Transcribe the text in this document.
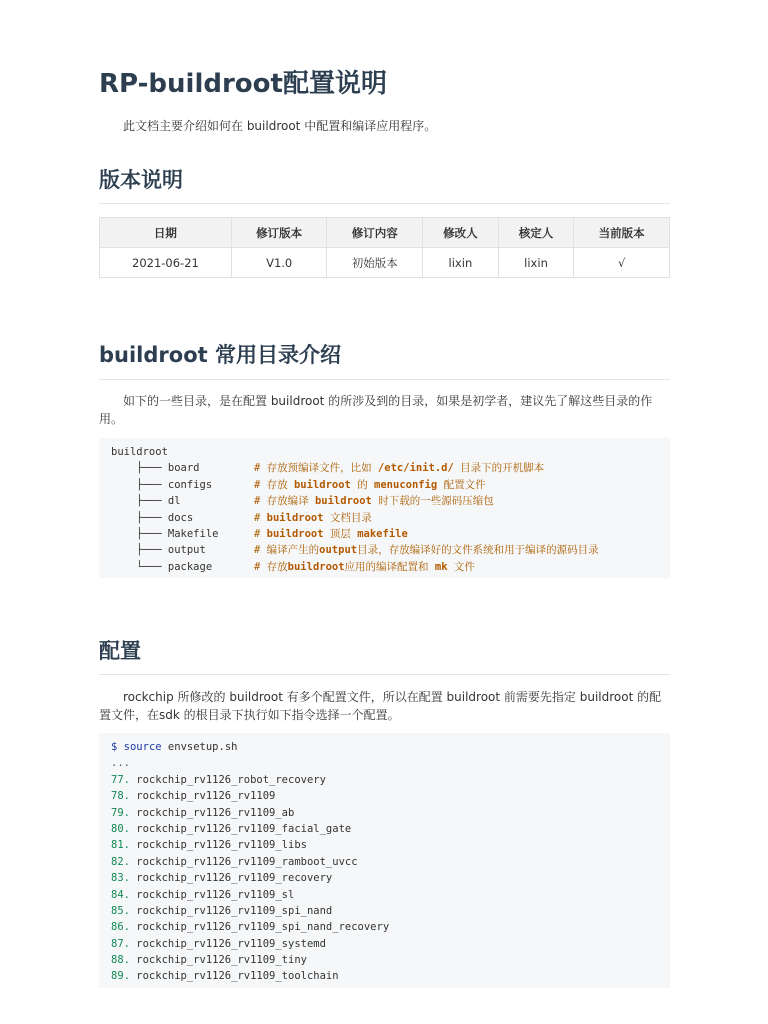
RP-buildroot配置说明

此文档主要介绍如何在 buildroot 中配置和编译应用程序。

版本说明
日期	修订版本	修订内容	修改人	核定人	当前版本
2021-06-21	V1.0	初始版本	lixin	lixin	√
buildroot 常用目录介绍

如下的一些目录，是在配置 buildroot 的所涉及到的目录，如果是初学者，建议先了解这些目录的作用。

buildroot
├─── board	# 存放预编译文件，比如 /etc/init.d/ 目录下的开机脚本
├─── configs	# 存放 buildroot 的 menuconfig 配置文件
├─── dl	# 存放编译 buildroot 时下载的一些源码压缩包
├─── docs	# buildroot 文档目录
├─── Makefile	# buildroot 顶层 makefile
├─── output	# 编译产生的output目录，存放编译好的文件系统和用于编译的源码目录
└─── package	# 存放buildroot应用的编译配置和 mk 文件
配置

rockchip 所修改的 buildroot 有多个配置文件，所以在配置 buildroot 前需要先指定 buildroot 的配置文件，在sdk 的根目录下执行如下指令选择一个配置。

$ source envsetup.sh
...
77. rockchip_rv1126_robot_recovery
78. rockchip_rv1126_rv1109
79. rockchip_rv1126_rv1109_ab
80. rockchip_rv1126_rv1109_facial_gate
81. rockchip_rv1126_rv1109_libs
82. rockchip_rv1126_rv1109_ramboot_uvcc
83. rockchip_rv1126_rv1109_recovery
84. rockchip_rv1126_rv1109_sl
85. rockchip_rv1126_rv1109_spi_nand
86. rockchip_rv1126_rv1109_spi_nand_recovery
87. rockchip_rv1126_rv1109_systemd
88. rockchip_rv1126_rv1109_tiny
89. rockchip_rv1126_rv1109_toolchain
